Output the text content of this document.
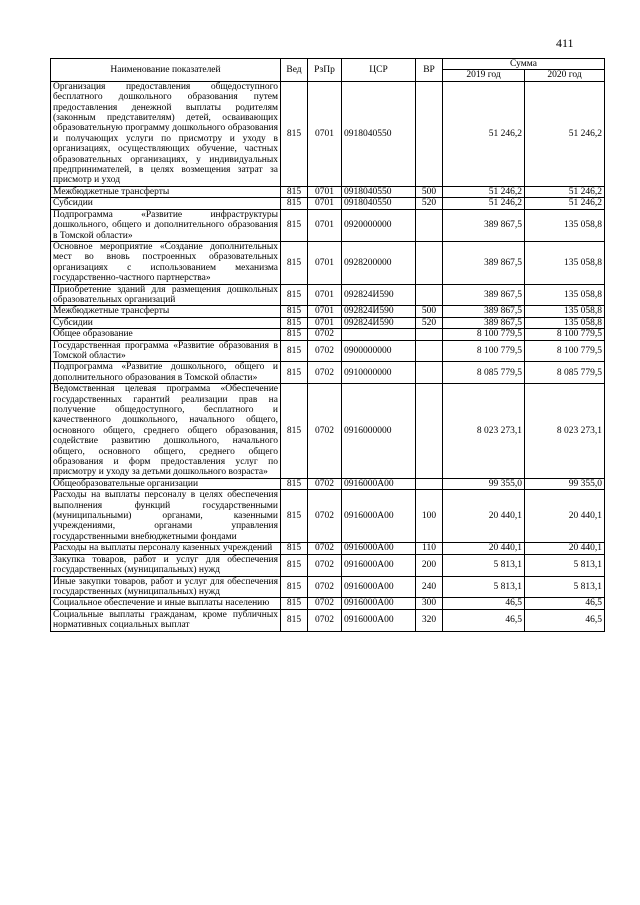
411
Наименование показателей	Вед	РзПр	ЦСР	ВР	Сумма	
					2019 год	2020 год
Организация предоставления общедоступного бесплатного дошкольного образования путем предоставления денежной выплаты родителям (законным представителям) детей, осваивающих образовательную программу дошкольного образования и получающих услуги по присмотру и уходу в организациях, осуществляющих обучение, частных образовательных организациях, у индивидуальных предпринимателей, в целях возмещения затрат за присмотр и уход	815	0701	0918040550		51 246,2	51 246,2
Межбюджетные трансферты	815	0701	0918040550	500	51 246,2	51 246,2
Субсидии	815	0701	0918040550	520	51 246,2	51 246,2
Подпрограмма «Развитие инфраструктуры дошкольного, общего и дополнительного образования в Томской области»	815	0701	0920000000		389 867,5	135 058,8
Основное мероприятие «Создание дополнительных мест во вновь построенных образовательных организациях с использованием механизма государственно-частного партнерства»	815	0701	0928200000		389 867,5	135 058,8
Приобретение зданий для размещения дошкольных образовательных организаций	815	0701	092824И590		389 867,5	135 058,8
Межбюджетные трансферты	815	0701	092824И590	500	389 867,5	135 058,8
Субсидии	815	0701	092824И590	520	389 867,5	135 058,8
Общее образование	815	0702			8 100 779,5	8 100 779,5
Государственная программа «Развитие образования в Томской области»	815	0702	0900000000		8 100 779,5	8 100 779,5
Подпрограмма «Развитие дошкольного, общего и дополнительного образования в Томской области»	815	0702	0910000000		8 085 779,5	8 085 779,5
Ведомственная целевая программа «Обеспечение государственных гарантий реализации прав на получение общедоступного, бесплатного и качественного дошкольного, начального общего, основного общего, среднего общего образования, содействие развитию дошкольного, начального общего, основного общего, среднего общего образования и форм предоставления услуг по присмотру и уходу за детьми дошкольного возраста»	815	0702	0916000000		8 023 273,1	8 023 273,1
Общеобразовательные организации	815	0702	0916000А00		99 355,0	99 355,0
Расходы на выплаты персоналу в целях обеспечения выполнения функций государственными (муниципальными) органами, казенными учреждениями, органами управления государственными внебюджетными фондами	815	0702	0916000А00	100	20 440,1	20 440,1
Расходы на выплаты персоналу казенных учреждений	815	0702	0916000А00	110	20 440,1	20 440,1
Закупка товаров, работ и услуг для обеспечения государственных (муниципальных) нужд	815	0702	0916000А00	200	5 813,1	5 813,1
Иные закупки товаров, работ и услуг для обеспечения государственных (муниципальных) нужд	815	0702	0916000А00	240	5 813,1	5 813,1
Социальное обеспечение и иные выплаты населению	815	0702	0916000А00	300	46,5	46,5
Социальные выплаты гражданам, кроме публичных нормативных социальных выплат	815	0702	0916000А00	320	46,5	46,5
